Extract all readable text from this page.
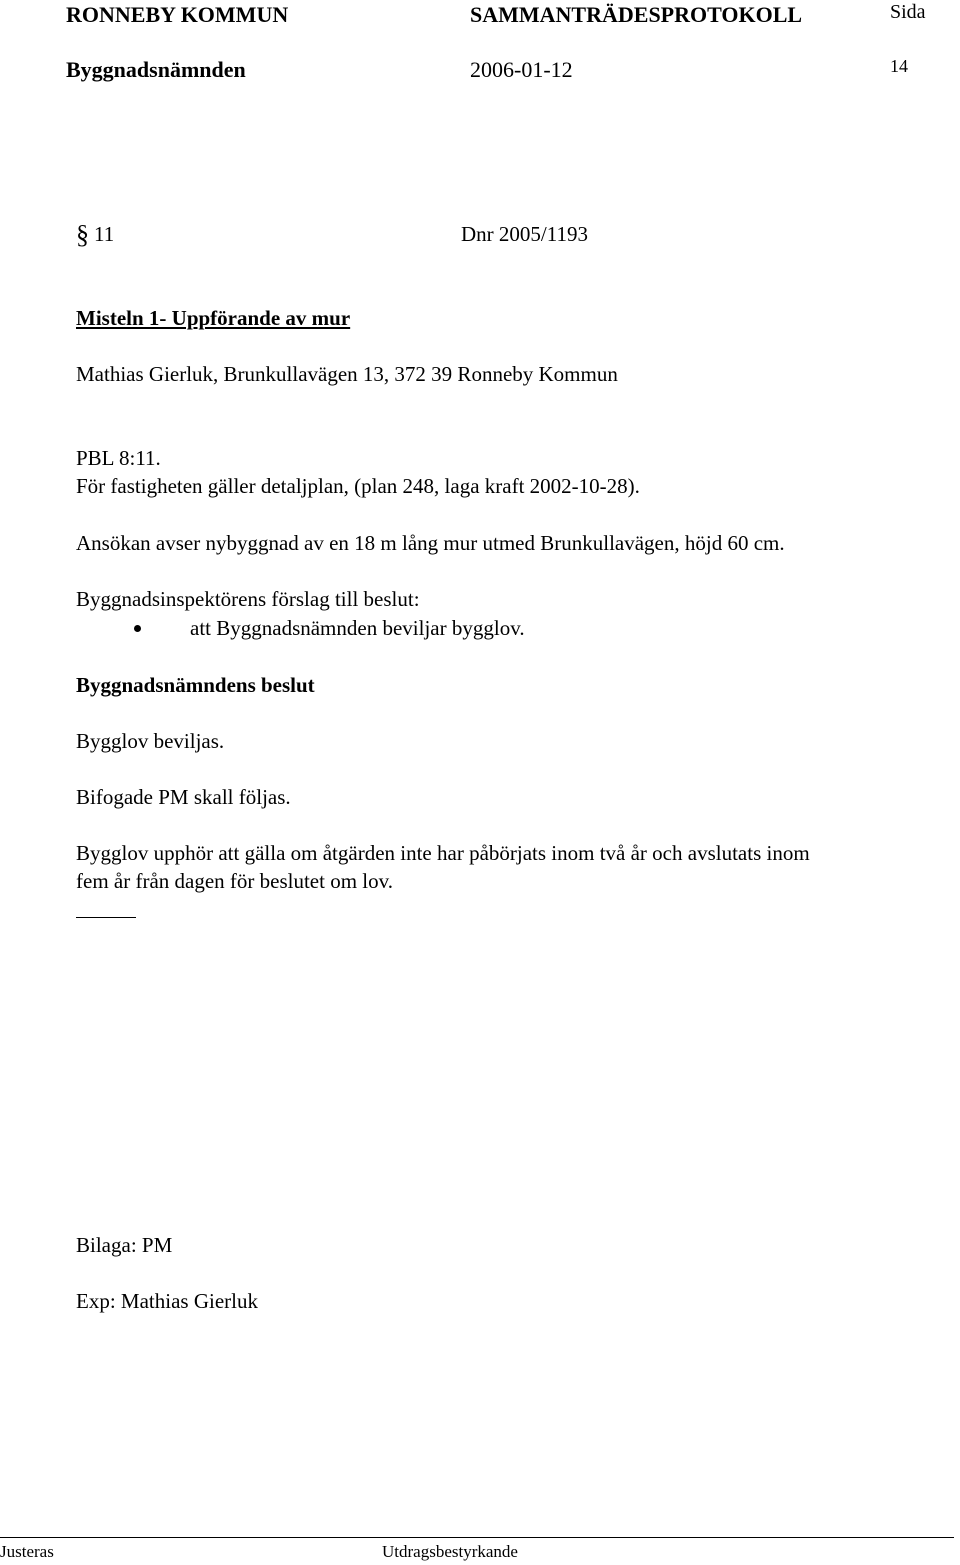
RONNEBY KOMMUN	SAMMANTRÄDESPROTOKOLL	Sida
Byggnadsnämnden	2006-01-12	14
§ 11	Dnr 2005/1193
Misteln 1- Uppförande av mur
Mathias Gierluk, Brunkullavägen 13, 372 39 Ronneby Kommun
PBL 8:11.
För fastigheten gäller detaljplan, (plan 248, laga kraft 2002-10-28).
Ansökan avser nybyggnad av en 18 m lång mur utmed Brunkullavägen, höjd 60 cm.
Byggnadsinspektörens förslag till beslut:
att Byggnadsnämnden beviljar bygglov.
Byggnadsnämndens beslut
Bygglov beviljas.
Bifogade PM skall följas.
Bygglov upphör att gälla om åtgärden inte har påbörjats inom två år och avslutats inom
fem år från dagen för beslutet om lov.
Bilaga: PM
Exp: Mathias Gierluk
Justeras	Utdragsbestyrkande
